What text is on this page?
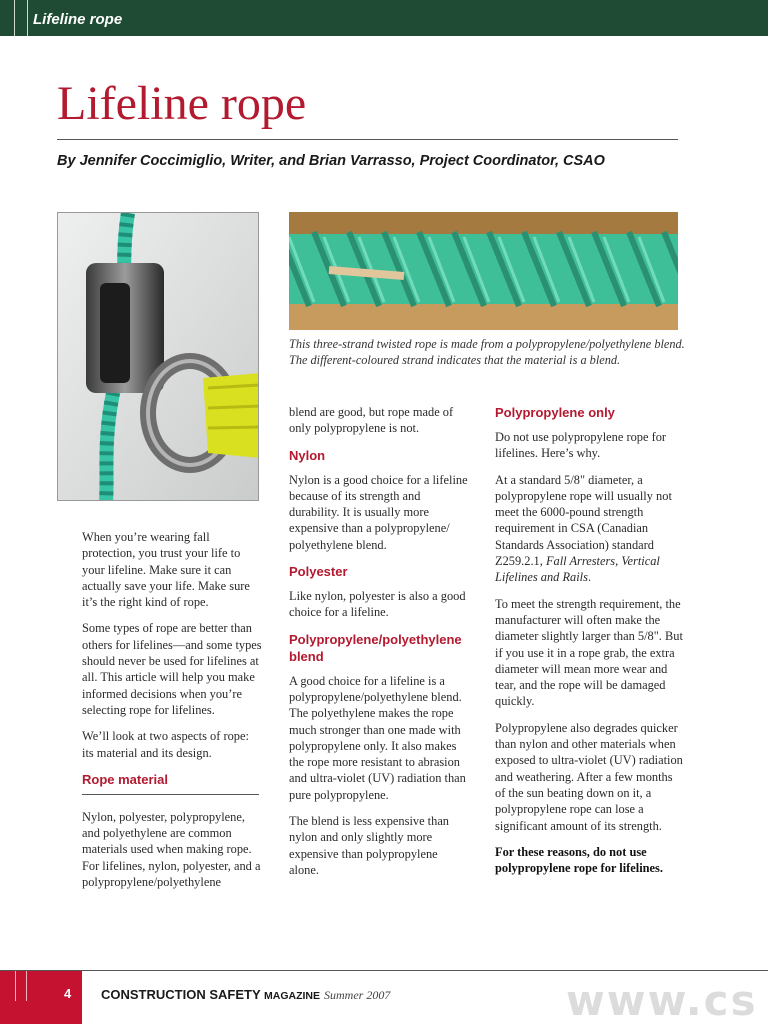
Lifeline rope
Lifeline rope

By Jennifer Coccimiglio, Writer, and Brian Varrasso, Project Coordinator, CSAO

This three-strand twisted rope is made from a polypropylene/polyethylene blend. The different-coloured strand indicates that the material is a blend.

When you’re wearing fall protection, you trust your life to your lifeline. Make sure it can actually save your life. Make sure it’s the right kind of rope.

Some types of rope are better than others for lifelines—and some types should never be used for lifelines at all. This article will help you make informed decisions when you’re selecting rope for lifelines.

We’ll look at two aspects of rope: its material and its design.

Rope material

Nylon, polyester, polypropylene, and polyethylene are common materials used when making rope. For lifelines, nylon, polyester, and a polypropylene/polyethylene

blend are good, but rope made of only polypropylene is not.

Nylon

Nylon is a good choice for a lifeline because of its strength and durability. It is usually more expensive than a polypropylene/ polyethylene blend.

Polyester

Like nylon, polyester is also a good choice for a lifeline.

Polypropylene/polyethylene blend

A good choice for a lifeline is a polypropylene/polyethylene blend. The polyethylene makes the rope much stronger than one made with polypropylene only. It also makes the rope more resistant to abrasion and ultra-violet (UV) radiation than pure polypropylene.

The blend is less expensive than nylon and only slightly more expensive than polypropylene alone.

Polypropylene only

Do not use polypropylene rope for lifelines. Here’s why.

At a standard 5/8" diameter, a polypropylene rope will usually not meet the 6000-pound strength requirement in CSA (Canadian Standards Association) standard Z259.2.1, Fall Arresters, Vertical Lifelines and Rails.

To meet the strength requirement, the manufacturer will often make the diameter slightly larger than 5/8". But if you use it in a rope grab, the extra diameter will mean more wear and tear, and the rope will be damaged quickly.

Polypropylene also degrades quicker than nylon and other materials when exposed to ultra-violet (UV) radiation and weathering. After a few months of the sun beating down on it, a polypropylene rope can lose a significant amount of its strength.

For these reasons, do not use polypropylene rope for lifelines.

4 CONSTRUCTION SAFETY MAGAZINE Summer 2007	www.cs
